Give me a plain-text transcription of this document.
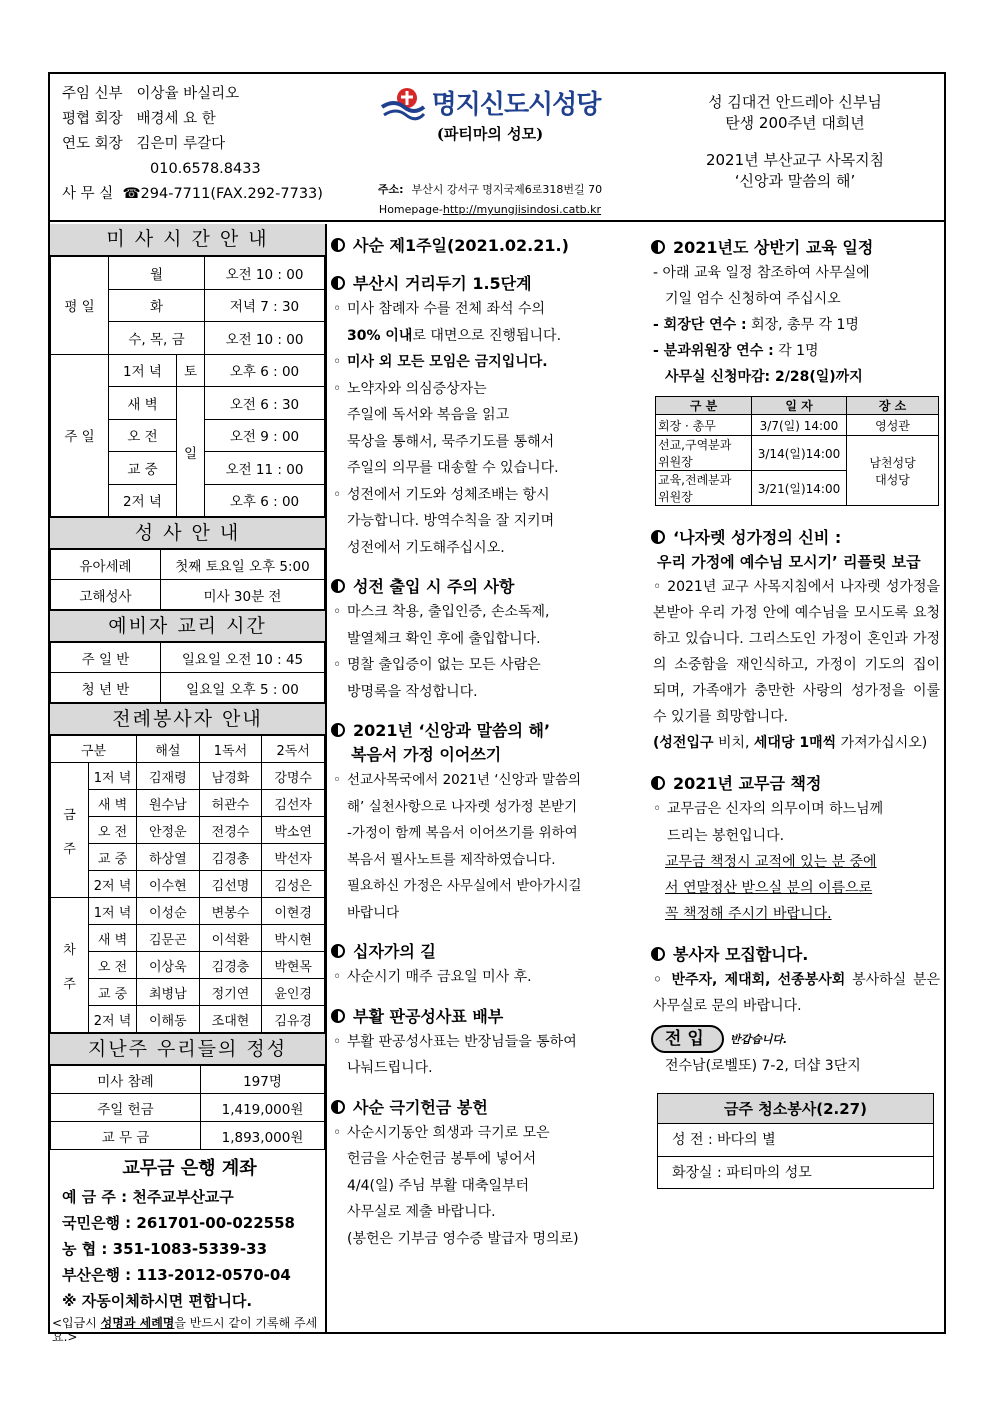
주임 신부 이상율 바실리오
평협 회장 배경세 요 한
연도 회장 김은미 루갈다
010.6578.8433
사 무 실 ☎294-7711(FAX.292-7733)
명지신도시성당
(파티마의 성모)
주소: 부산시 강서구 명지국제6로318번길 70
Homepage-http://myungjisindosi.catb.kr
성 김대건 안드레아 신부님
탄생 200주년 대희년
2021년 부산교구 사목지침
‘신앙과 말씀의 해’
미 사 시 간 안 내
평 일	월		오전 10 : 00
	화		저녁 7 : 30
	수, 목, 금		오전 10 : 00
주 일	1저 녁	토	오후 6 : 00
	새 벽	일	오전 6 : 30
	오 전		오전 9 : 00
	교 중		오전 11 : 00
	2저 녁		오후 6 : 00
성 사 안 내
유아세례	첫째 토요일 오후 5:00
고해성사	미사 30분 전
예비자 교리 시간
주 일 반	일요일 오전 10 : 45
청 년 반	일요일 오후 5 : 00
전례봉사자 안내
구분		해설	1독서	2독서
금

주	1저 녁	김재령	남경화	강명수
	새 벽	원수남	허관수	김선자
	오 전	안정운	전경수	박소연
	교 중	하상열	김경총	박선자
	2저 녁	이수현	김선명	김성은
차

주	1저 녁	이성순	변봉수	이현경
	새 벽	김문곤	이석환	박시현
	오 전	이상욱	김경충	박현목
	교 중	최병남	정기연	윤인경
	2저 녁	이해동	조대현	김유경
지난주 우리들의 정성
미사 참례	197명
주일 헌금	1,419,000원
교 무 금	1,893,000원
교무금 은행 계좌
예 금 주 : 천주교부산교구
국민은행 : 261701-00-022558
농 협 : 351-1083-5339-33
부산은행 : 113-2012-0570-04
※ 자동이체하시면 편합니다.
<입금시 성명과 세례명을 반드시 같이 기록해 주세요.>
사순 제1주일(2021.02.21.)
부산시 거리두기 1.5단계

◦ 미사 참례자 수를 전체 좌석 수의
30% 이내로 대면으로 진행됩니다.

◦ 미사 외 모든 모임은 금지입니다.

◦ 노약자와 의심증상자는
주일에 독서와 복음을 읽고
묵상을 통해서, 묵주기도를 통해서
주일의 의무를 대송할 수 있습니다.

◦ 성전에서 기도와 성체조배는 항시
가능합니다. 방역수칙을 잘 지키며
성전에서 기도해주십시오.

성전 출입 시 주의 사항

◦ 마스크 착용, 출입인증, 손소독제,
발열체크 확인 후에 출입합니다.

◦ 명찰 출입증이 없는 모든 사람은
방명록을 작성합니다.

2021년 ‘신앙과 말씀의 해’
복음서 가정 이어쓰기

◦ 선교사목국에서 2021년 ‘신앙과 말씀의
해’ 실천사항으로 나자렛 성가정 본받기
-가정이 함께 복음서 이어쓰기를 위하여
복음서 필사노트를 제작하였습니다.
필요하신 가정은 사무실에서 받아가시길
바랍니다

십자가의 길

◦ 사순시기 매주 금요일 미사 후.

부활 판공성사표 배부

◦ 부활 판공성사표는 반장님들을 통하여
나눠드립니다.

사순 극기헌금 봉헌

◦ 사순시기동안 희생과 극기로 모은
헌금을 사순헌금 봉투에 넣어서
4/4(일) 주님 부활 대축일부터
사무실로 제출 바랍니다.
(봉헌은 기부금 영수증 발급자 명의로)

2021년도 상반기 교육 일정
- 아래 교육 일정 참조하여 사무실에
기일 엄수 신청하여 주십시오
- 회장단 연수 : 회장, 총무 각 1명
- 분과위원장 연수 : 각 1명
사무실 신청마감: 2/28(일)까지
구 분	일 자	장 소
회장 · 총무	3/7(일) 14:00	영성관
선교,구역분과
위원장	3/14(일)14:00	남천성당
대성당
교육,전례분과
위원장	3/21(일)14:00	
‘나자렛 성가정의 신비 :
우리 가정에 예수님 모시기’ 리플릿 보급
◦ 2021년 교구 사목지침에서 나자렛 성가정을 본받아 우리 가정 안에 예수님을 모시도록 요청하고 있습니다. 그리스도인 가정이 혼인과 가정의 소중함을 재인식하고, 가정이 기도의 집이 되며, 가족애가 충만한 사랑의 성가정을 이룰 수 있기를 희망합니다.
(성전입구 비치, 세대당 1매씩 가져가십시오)
2021년 교무금 책정

◦ 교무금은 신자의 의무이며 하느님께
드리는 봉헌입니다.

교무금 책정시 교적에 있는 분 중에
서 연말정산 받으실 분의 이름으로
꼭 책정해 주시기 바랍니다.
봉사자 모집합니다.
◦ 반주자, 제대회, 선종봉사회 봉사하실 분은 사무실로 문의 바랍니다.
전입	반갑습니다.
전수남(로벨또) 7-2, 더샵 3단지
금주 청소봉사(2.27)
성 전 : 바다의 별
화장실 : 파티마의 성모
